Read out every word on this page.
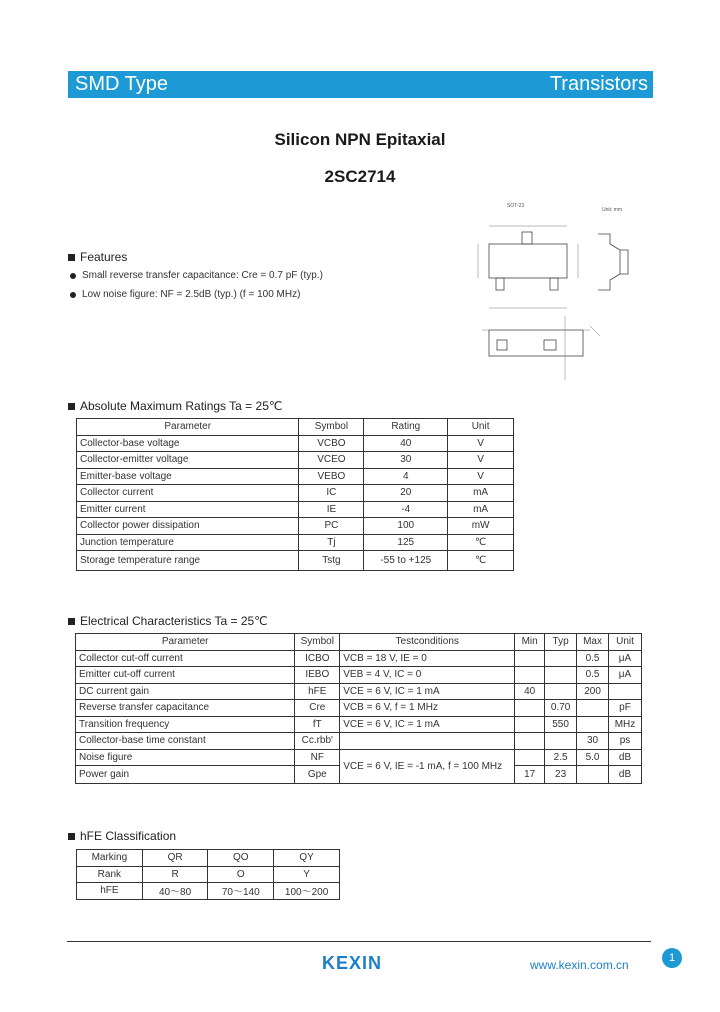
SMD Type	Transistors
Silicon NPN Epitaxial
2SC2714
SOT-23
Unit: mm
Features
Small reverse transfer capacitance: Cre = 0.7 pF (typ.)
Low noise figure: NF = 2.5dB (typ.) (f = 100 MHz)
Absolute Maximum Ratings Ta = 25℃
Parameter	Symbol	Rating	Unit
Collector-base voltage	VCBO	40	V
Collector-emitter voltage	VCEO	30	V
Emitter-base voltage	VEBO	4	V
Collector current	IC	20	mA
Emitter current	IE	-4	mA
Collector power dissipation	PC	100	mW
Junction temperature	Tj	125	℃
Storage temperature range	Tstg	-55 to +125	℃
Electrical Characteristics Ta = 25℃
Parameter	Symbol	Testconditions	Min	Typ	Max	Unit
Collector cut-off current	ICBO	VCB = 18 V, IE = 0			0.5	μA
Emitter cut-off current	IEBO	VEB = 4 V, IC = 0			0.5	μA
DC current gain	hFE	VCE = 6 V, IC = 1 mA	40		200	
Reverse transfer capacitance	Cre	VCB = 6 V, f = 1 MHz		0.70		pF
Transition frequency	fT	VCE = 6 V, IC = 1 mA		550		MHz
Collector-base time constant	Cc.rbb'				30	ps
Noise figure	NF	VCE = 6 V, IE = -1 mA, f = 100 MHz		2.5	5.0	dB
Power gain	Gpe		17	23		dB
hFE Classification
Marking	QR	QO	QY
Rank	R	O	Y
hFE	40～80	70～140	100～200
KEXIN	www.kexin.com.cn	1
